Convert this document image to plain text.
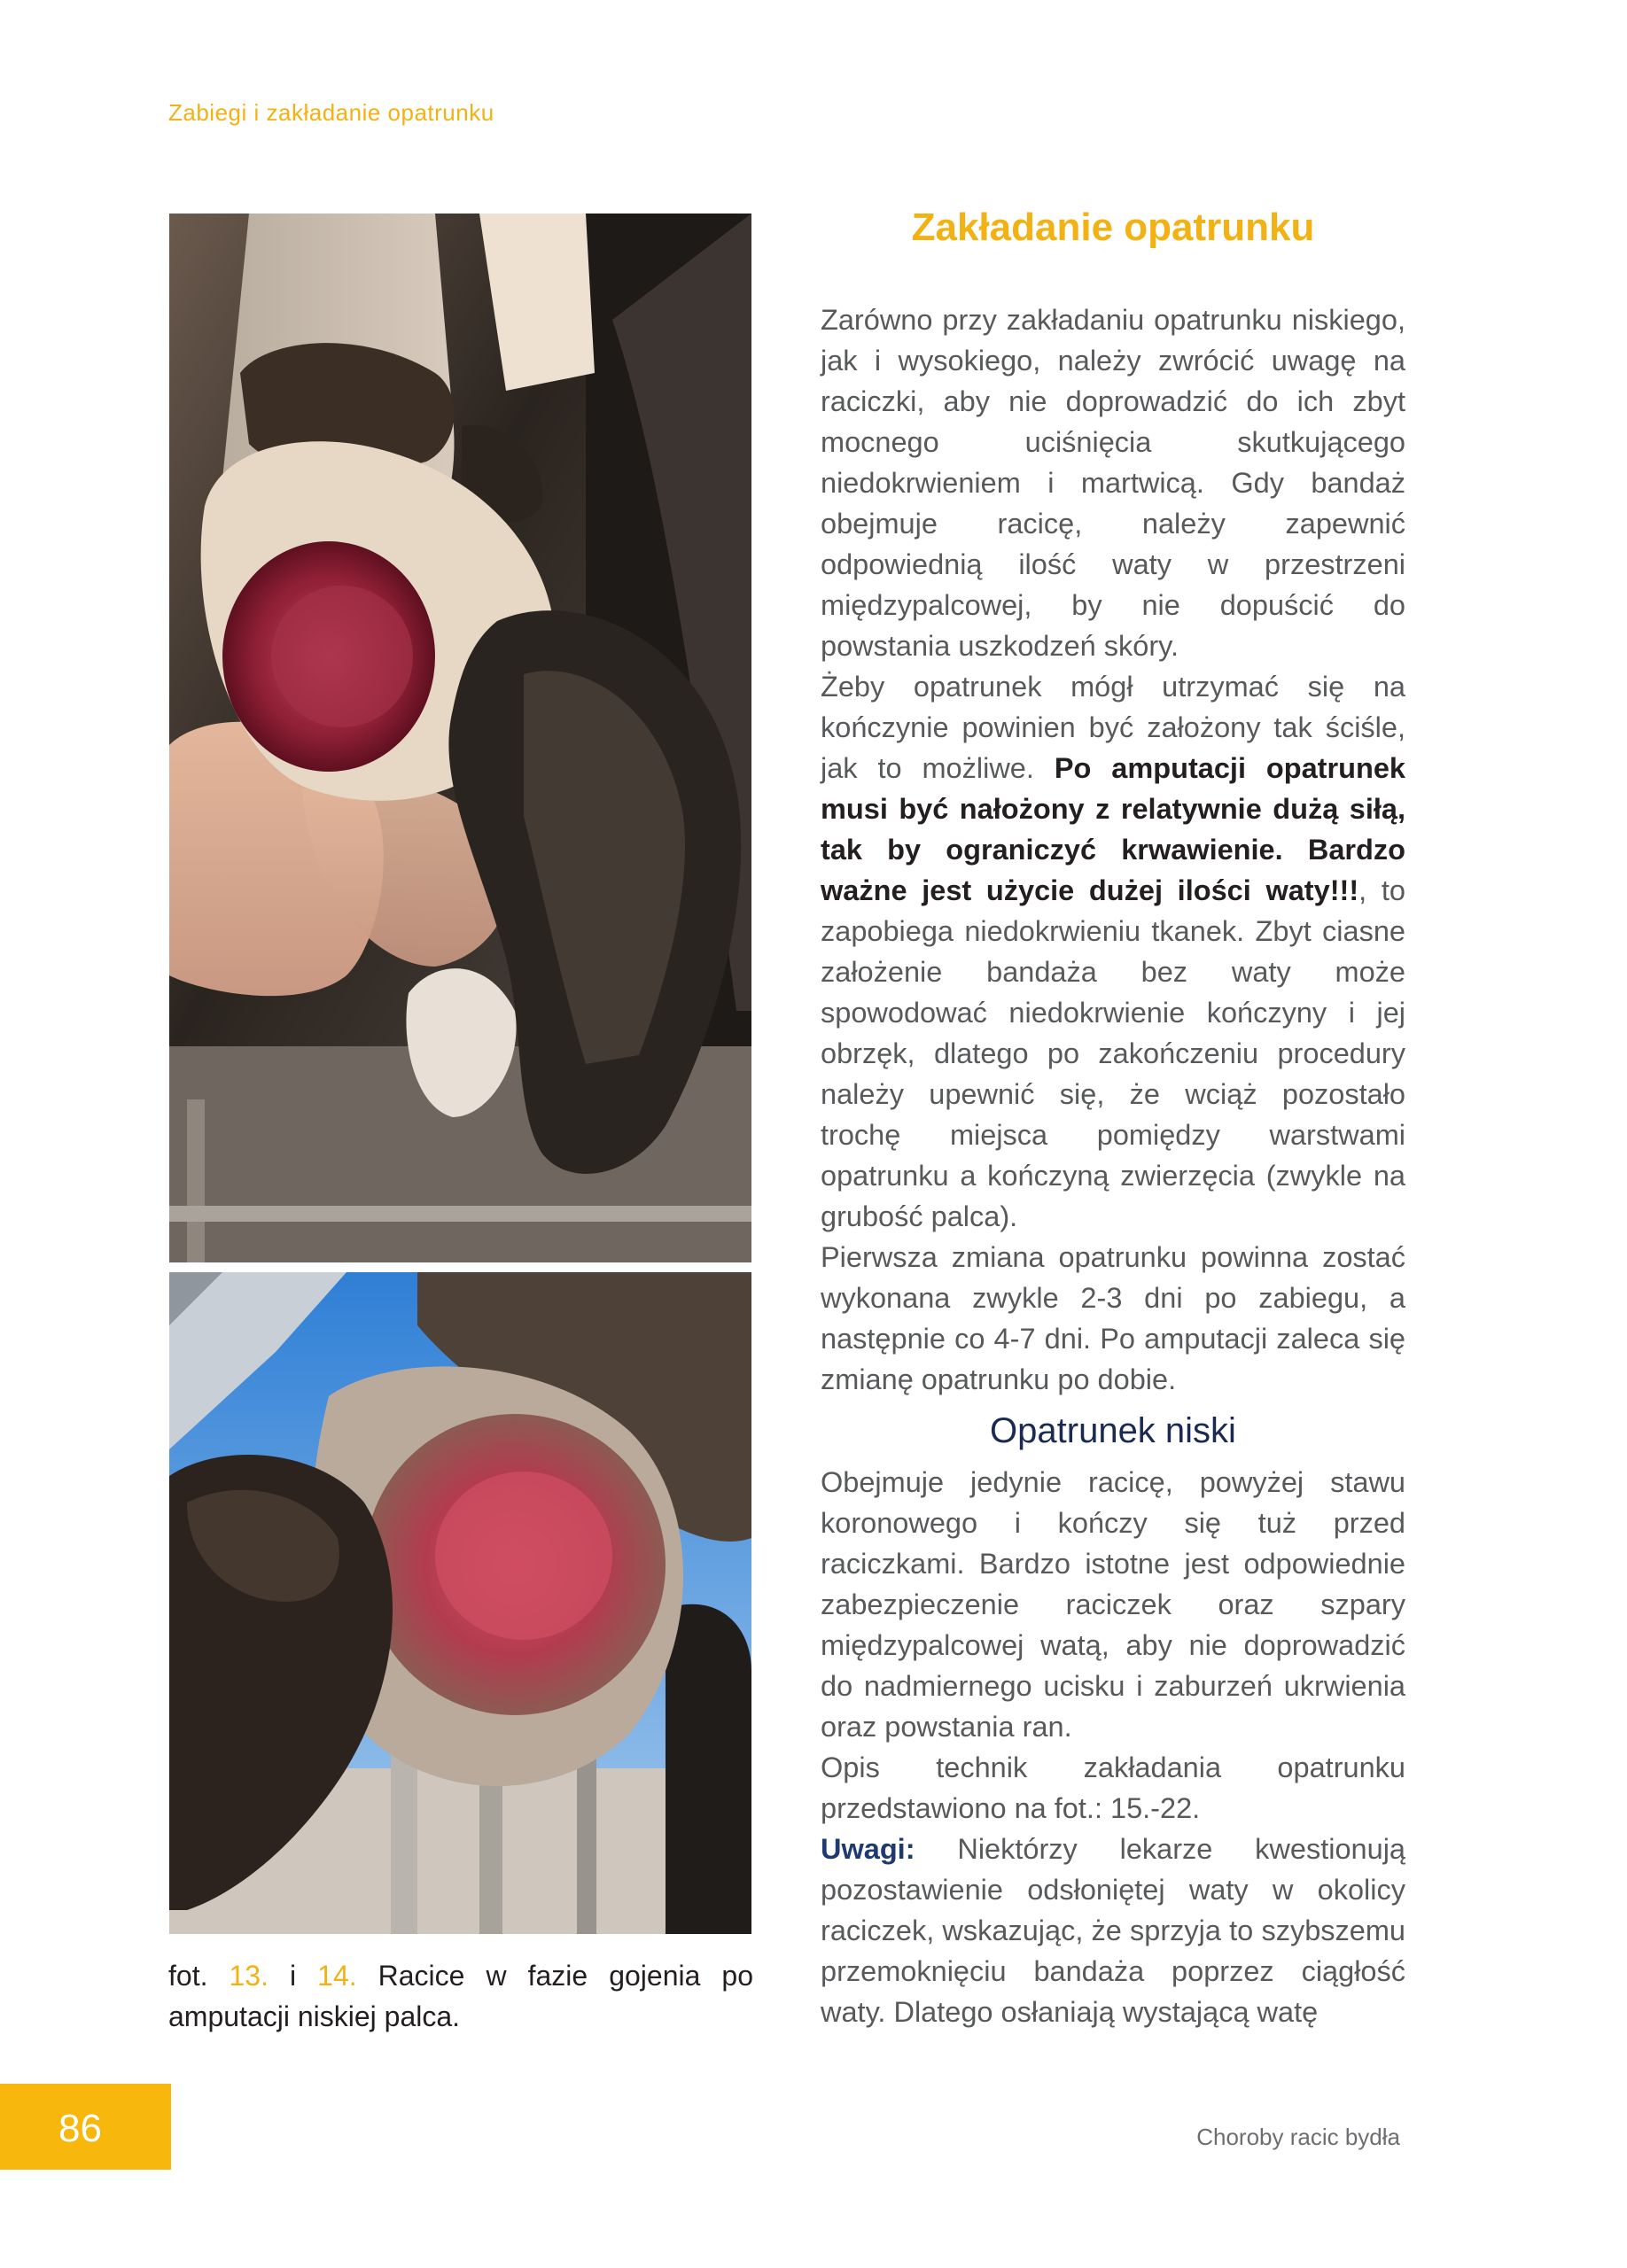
Zabiegi i zakładanie opatrunku
fot. 13. i 14. Racice w fazie gojenia po amputacji niskiej palca.
Zakładanie opatrunku

Zarówno przy zakładaniu opatrunku niskiego, jak i wysokiego, należy zwrócić uwagę na raciczki, aby nie doprowadzić do ich zbyt mocnego uciśnięcia skutkującego niedokrwieniem i martwicą. Gdy bandaż obejmuje racicę, należy zapewnić odpowiednią ilość waty w przestrzeni międzypalcowej, by nie dopuścić do powstania uszkodzeń skóry.

Żeby opatrunek mógł utrzymać się na kończynie powinien być założony tak ściśle, jak to możliwe. Po amputacji opatrunek musi być nałożony z relatywnie dużą siłą, tak by ograniczyć krwawienie. Bardzo ważne jest użycie dużej ilości waty!!!, to zapobiega niedokrwieniu tkanek. Zbyt ciasne założenie bandaża bez waty może spowodować niedokrwienie kończyny i jej obrzęk, dlatego po zakończeniu procedury należy upewnić się, że wciąż pozostało trochę miejsca pomiędzy warstwami opatrunku a kończyną zwierzęcia (zwykle na grubość palca).

Pierwsza zmiana opatrunku powinna zostać wykonana zwykle 2-3 dni po zabiegu, a następnie co 4-7 dni. Po amputacji zaleca się zmianę opatrunku po dobie.

Opatrunek niski

Obejmuje jedynie racicę, powyżej stawu koronowego i kończy się tuż przed raciczkami. Bardzo istotne jest odpowiednie zabezpieczenie raciczek oraz szpary międzypalcowej watą, aby nie doprowadzić do nadmiernego ucisku i zaburzeń ukrwienia oraz powstania ran.

Opis technik zakładania opatrunku przedstawiono na fot.: 15.-22.

Uwagi: Niektórzy lekarze kwestionują pozostawienie odsłoniętej waty w okolicy raciczek, wskazując, że sprzyja to szybszemu przemoknięciu bandaża poprzez ciągłość waty. Dlatego osłaniają wystającą watę

86	Choroby racic bydła
